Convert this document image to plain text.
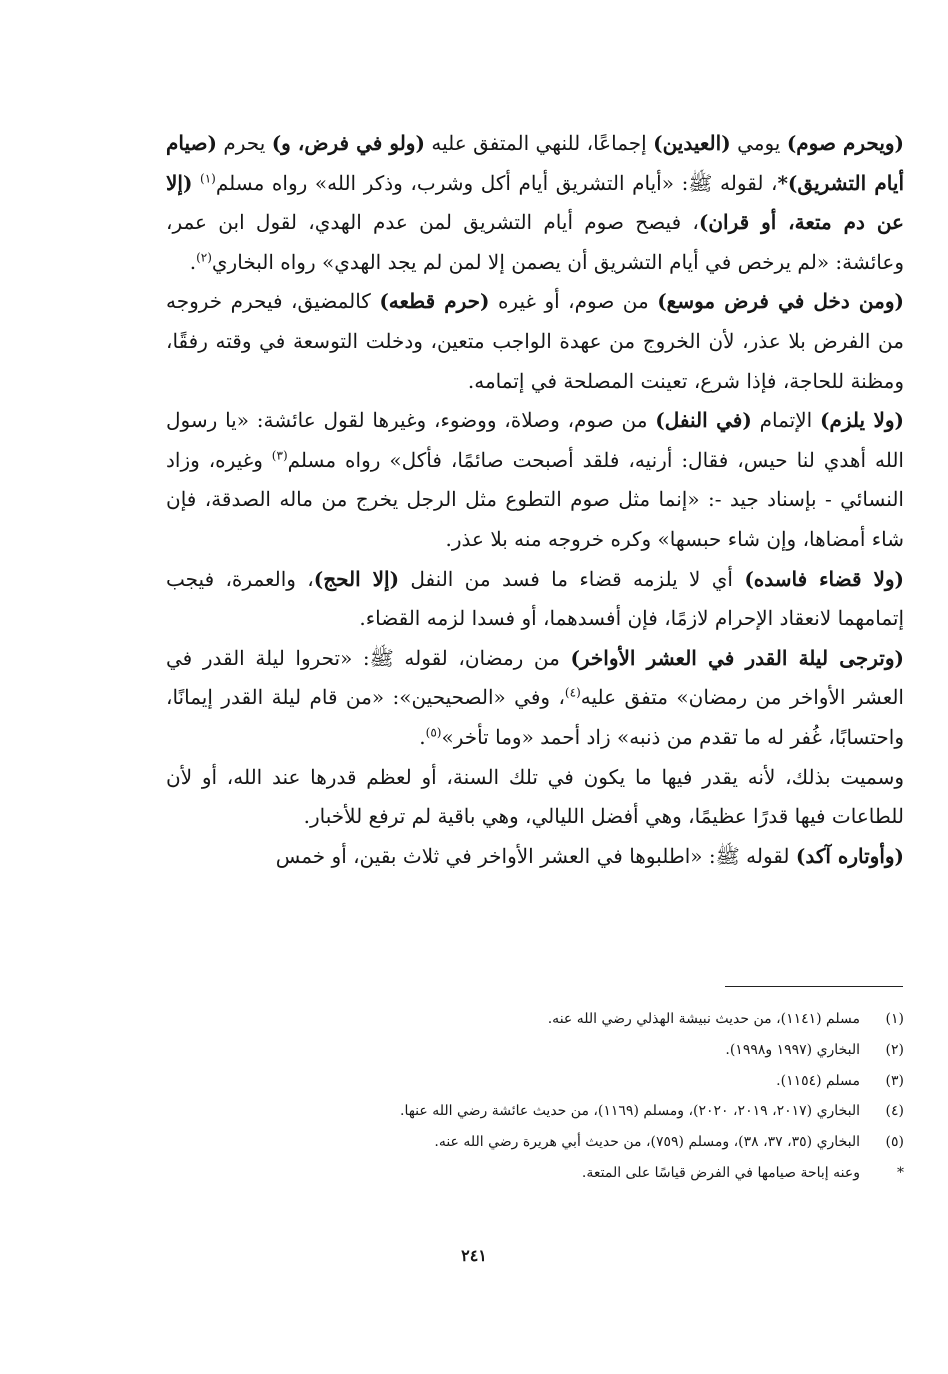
(ويحرم صوم) يومي (العيدين) إجماعًا، للنهي المتفق عليه (ولو في فرض، و) يحرم (صيام أيام التشريق)*، لقوله ﷺ: «أيام التشريق أيام أكل وشرب، وذكر الله» رواه مسلم$^{(١)}$ (إلا عن دم متعة، أو قران)، فيصح صوم أيام التشريق لمن عدم الهدي، لقول ابن عمر، وعائشة: «لم يرخص في أيام التشريق أن يصمن إلا لمن لم يجد الهدي» رواه البخاري$^{(٢)}$.

(ومن دخل في فرض موسع) من صوم، أو غيره (حرم قطعه) كالمضيق، فيحرم خروجه من الفرض بلا عذر، لأن الخروج من عهدة الواجب متعين، ودخلت التوسعة في وقته رفقًا، ومظنة للحاجة، فإذا شرع، تعينت المصلحة في إتمامه.

(ولا يلزم) الإتمام (في النفل) من صوم، وصلاة، ووضوء، وغيرها لقول عائشة: «يا رسول الله أهدي لنا حيس، فقال: أرنيه، فلقد أصبحت صائمًا، فأكل» رواه مسلم$^{(٣)}$ وغيره، وزاد النسائي - بإسناد جيد -: «إنما مثل صوم التطوع مثل الرجل يخرج من ماله الصدقة، فإن شاء أمضاها، وإن شاء حبسها» وكره خروجه منه بلا عذر.

(ولا قضاء فاسده) أي لا يلزمه قضاء ما فسد من النفل (إلا الحج)، والعمرة، فيجب إتمامهما لانعقاد الإحرام لازمًا، فإن أفسدهما، أو فسدا لزمه القضاء.

(وترجى ليلة القدر في العشر الأواخر) من رمضان، لقوله ﷺ: «تحروا ليلة القدر في العشر الأواخر من رمضان» متفق عليه$^{(٤)}$، وفي «الصحيحين»: «من قام ليلة القدر إيمانًا، واحتسابًا، غُفر له ما تقدم من ذنبه» زاد أحمد «وما تأخر»$^{(٥)}$.

وسميت بذلك، لأنه يقدر فيها ما يكون في تلك السنة، أو لعظم قدرها عند الله، أو لأن للطاعات فيها قدرًا عظيمًا، وهي أفضل الليالي، وهي باقية لم ترفع للأخبار.

(وأوتاره آكد) لقوله ﷺ: «اطلبوها في العشر الأواخر في ثلاث بقين، أو خمس

(١)
مسلم (١١٤١)، من حديث نبيشة الهذلي رضي الله عنه.
(٢)
البخاري (١٩٩٧ و١٩٩٨).
(٣)
مسلم (١١٥٤).
(٤)
البخاري (٢٠١٧، ٢٠١٩، ٢٠٢٠)، ومسلم (١١٦٩)، من حديث عائشة رضي الله عنها.
(٥)
البخاري (٣٥، ٣٧، ٣٨)، ومسلم (٧٥٩)، من حديث أبي هريرة رضي الله عنه.
*
وعنه إباحة صيامها في الفرض قياسًا على المتعة.
٢٤١
